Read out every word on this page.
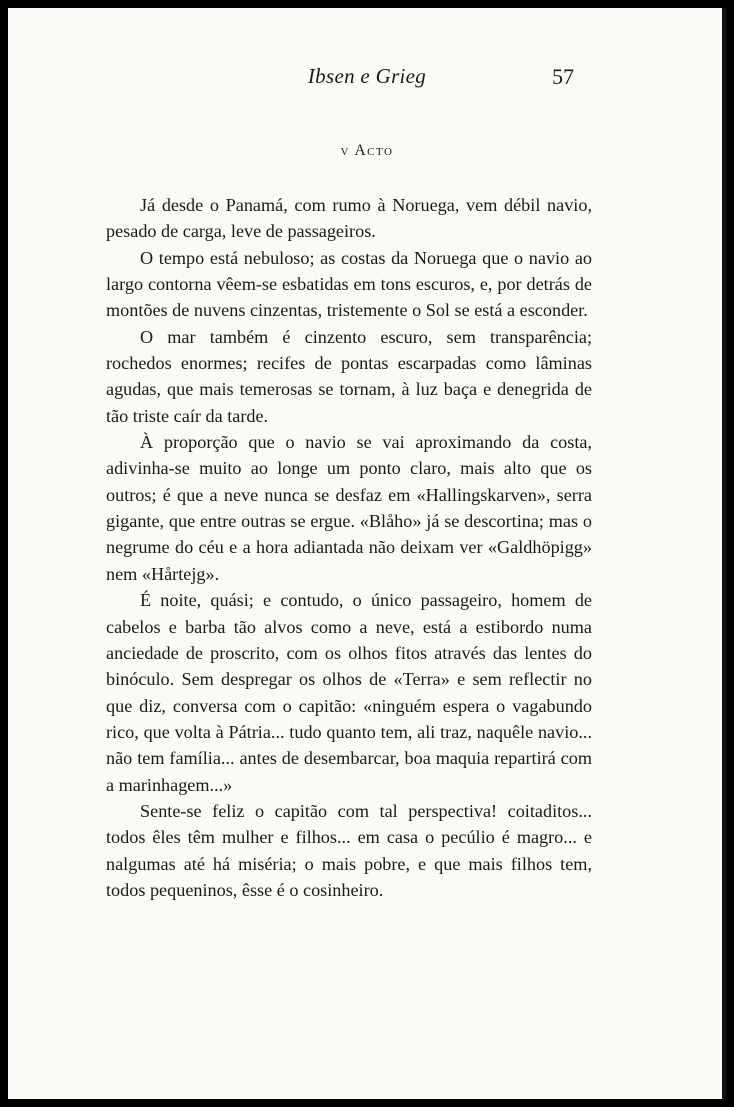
Ibsen e Grieg	57
v Acto

Já desde o Panamá, com rumo à Noruega, vem débil navio, pesado de carga, leve de passageiros.

O tempo está nebuloso; as costas da Noruega que o navio ao largo contorna vêem-se esbatidas em tons escuros, e, por detrás de montões de nuvens cinzentas, tristemente o Sol se está a esconder.

O mar também é cinzento escuro, sem transparência; rochedos enormes; recifes de pontas escarpadas como lâminas agudas, que mais temerosas se tornam, à luz baça e denegrida de tão triste caír da tarde.

À proporção que o navio se vai aproximando da costa, adivinha-se muito ao longe um ponto claro, mais alto que os outros; é que a neve nunca se desfaz em «Hallingskarven», serra gigante, que entre outras se ergue. «Blåho» já se descortina; mas o negrume do céu e a hora adiantada não deixam ver «Galdhöpigg» nem «Hårtejg».

É noite, quási; e contudo, o único passageiro, homem de cabelos e barba tão alvos como a neve, está a estibordo numa anciedade de proscrito, com os olhos fitos através das lentes do binóculo. Sem despregar os olhos de «Terra» e sem reflectir no que diz, conversa com o capitão: «ninguém espera o vagabundo rico, que volta à Pátria... tudo quanto tem, ali traz, naquêle navio... não tem família... antes de desembarcar, boa maquia repartirá com a marinhagem...»

Sente-se feliz o capitão com tal perspectiva! coitaditos... todos êles têm mulher e filhos... em casa o pecúlio é magro... e nalgumas até há miséria; o mais pobre, e que mais filhos tem, todos pequeninos, êsse é o cosinheiro.
